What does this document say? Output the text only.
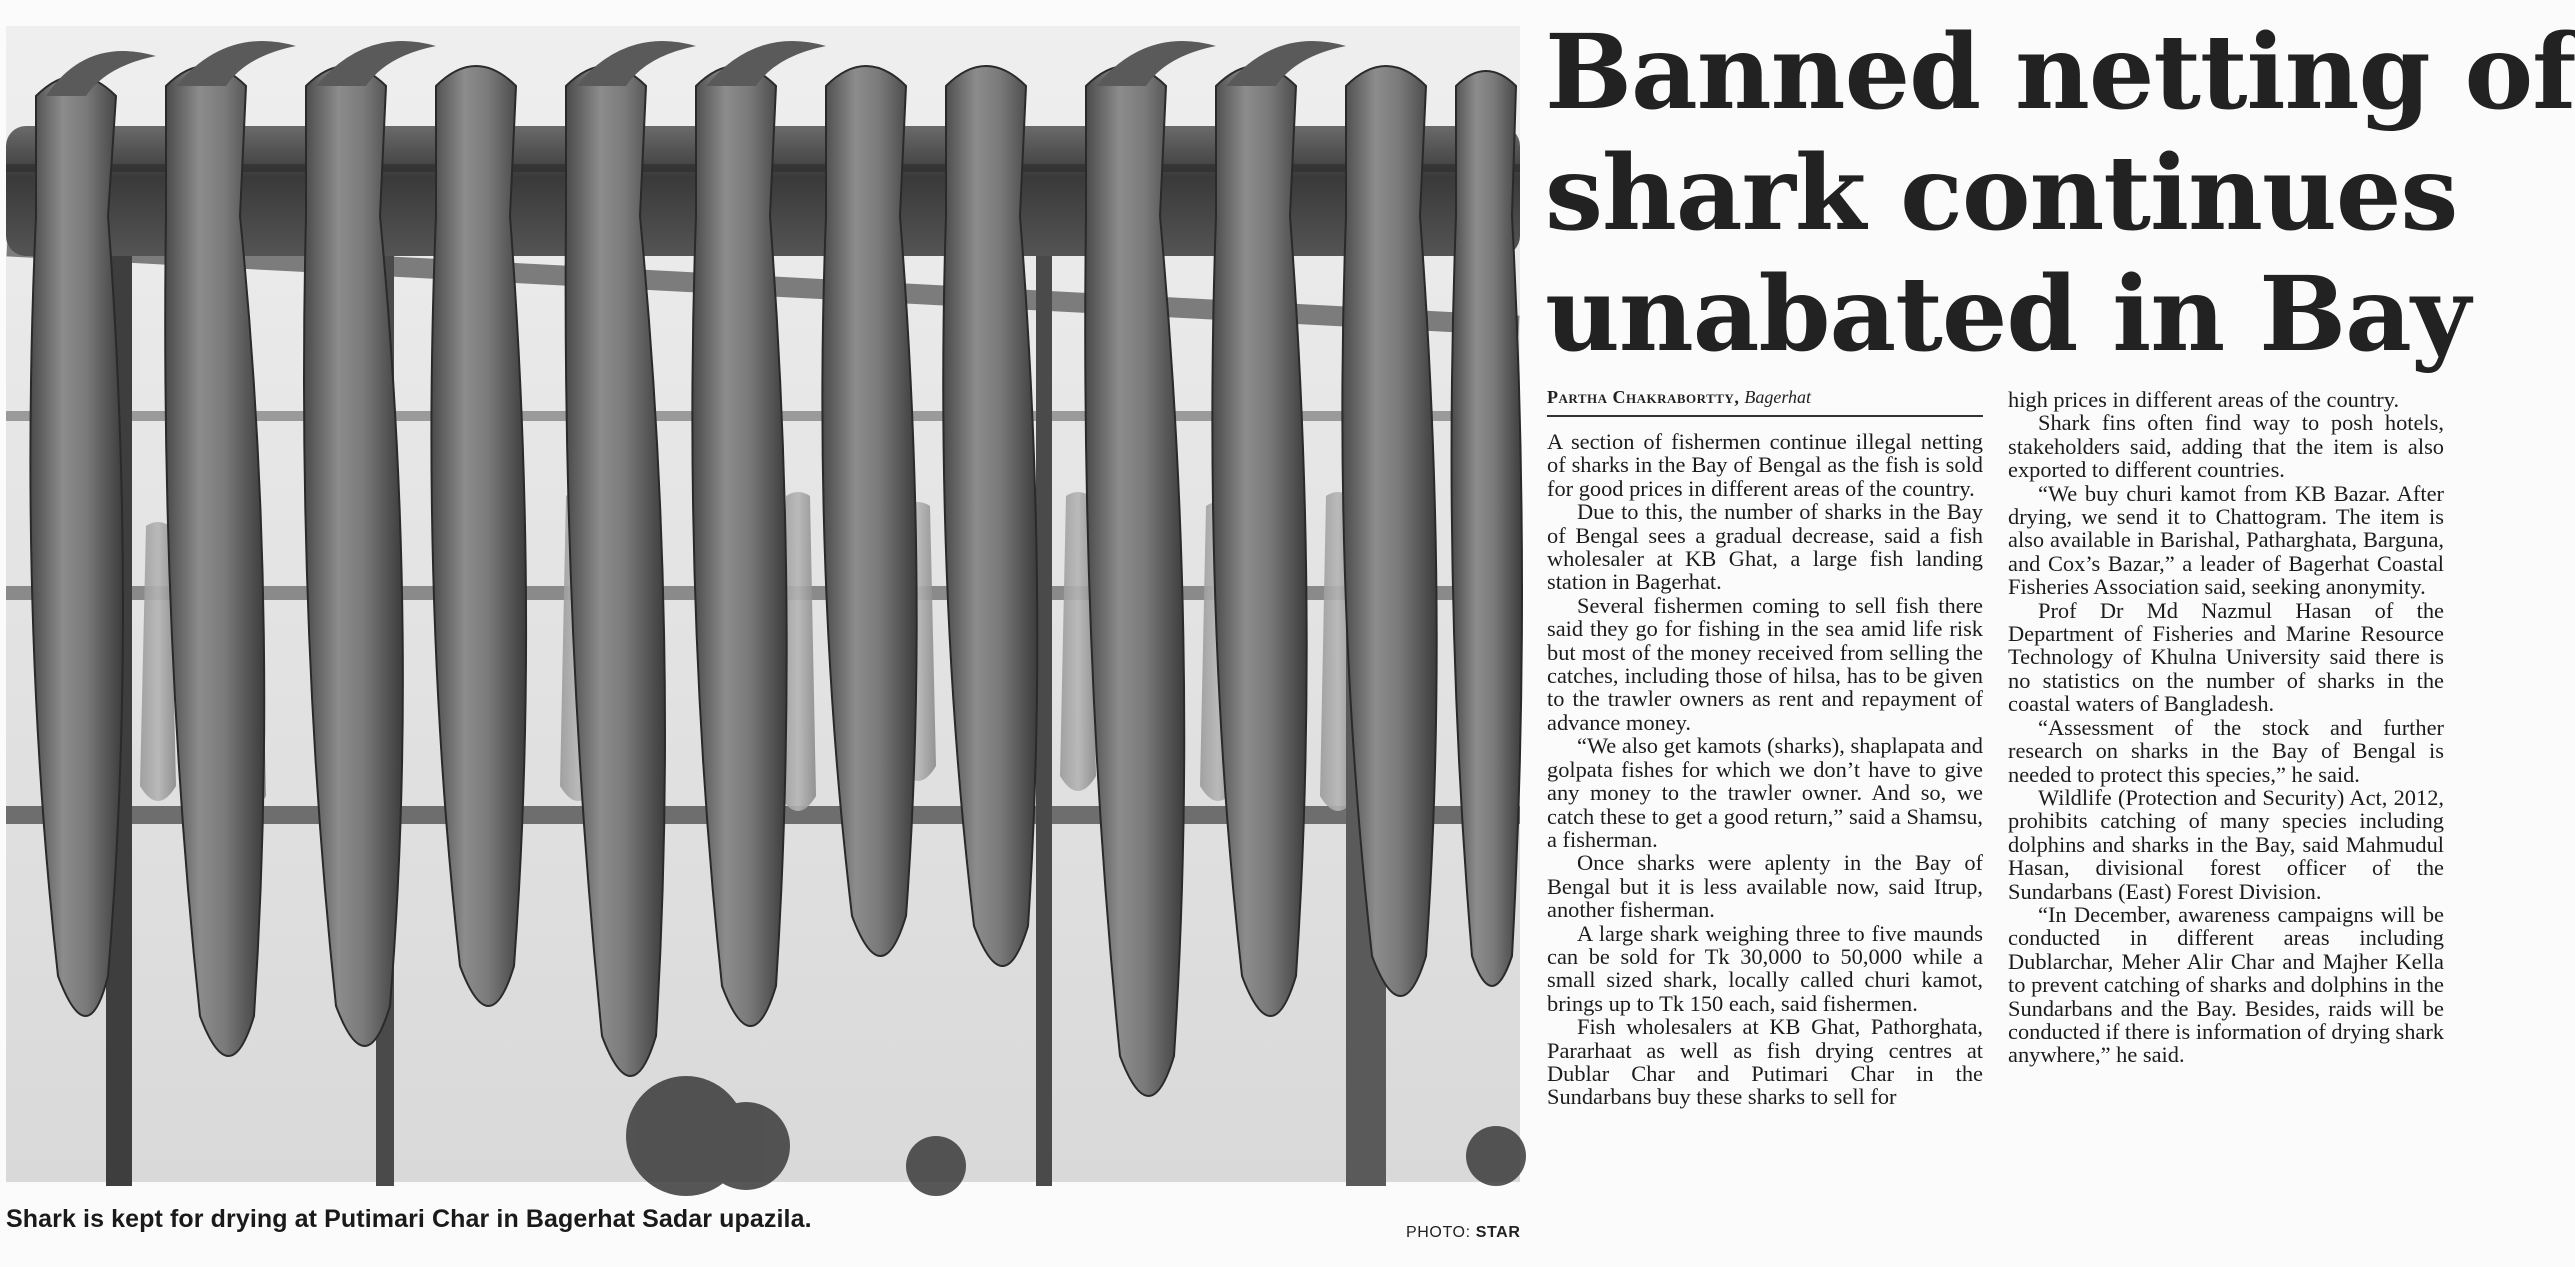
Shark is kept for drying at Putimari Char in Bagerhat Sadar upazila.	PHOTO: STAR
Banned netting of
shark continues
unabated in Bay
Partha Chakrabortty, Bagerhat

A section of fishermen continue illegal netting of sharks in the Bay of Bengal as the fish is sold for good prices in different areas of the country.

Due to this, the number of sharks in the Bay of Bengal sees a gradual decrease, said a fish wholesaler at KB Ghat, a large fish landing station in Bagerhat.

Several fishermen coming to sell fish there said they go for fishing in the sea amid life risk but most of the money received from selling the catches, including those of hilsa, has to be given to the trawler owners as rent and repayment of advance money.

“We also get kamots (sharks), shaplapata and golpata fishes for which we don’t have to give any money to the trawler owner. And so, we catch these to get a good return,” said a Shamsu, a fisherman.

Once sharks were aplenty in the Bay of Bengal but it is less available now, said Itrup, another fisherman.

A large shark weighing three to five maunds can be sold for Tk 30,000 to 50,000 while a small sized shark, locally called churi kamot, brings up to Tk 150 each, said fishermen.

Fish wholesalers at KB Ghat, Pathorghata, Pararhaat as well as fish drying centres at Dublar Char and Putimari Char in the Sundarbans buy these sharks to sell for

high prices in different areas of the country.

Shark fins often find way to posh hotels, stakeholders said, adding that the item is also exported to different countries.

“We buy churi kamot from KB Bazar. After drying, we send it to Chattogram. The item is also available in Barishal, Patharghata, Barguna, and Cox’s Bazar,” a leader of Bagerhat Coastal Fisheries Association said, seeking anonymity.

Prof Dr Md Nazmul Hasan of the Department of Fisheries and Marine Resource Technology of Khulna University said there is no statistics on the number of sharks in the coastal waters of Bangladesh.

“Assessment of the stock and further research on sharks in the Bay of Bengal is needed to protect this species,” he said.

Wildlife (Protection and Security) Act, 2012, prohibits catching of many species including dolphins and sharks in the Bay, said Mahmudul Hasan, divisional forest officer of the Sundarbans (East) Forest Division.

“In December, awareness campaigns will be conducted in different areas including Dublarchar, Meher Alir Char and Majher Kella to prevent catching of sharks and dolphins in the Sundarbans and the Bay. Besides, raids will be conducted if there is information of drying shark anywhere,” he said.
